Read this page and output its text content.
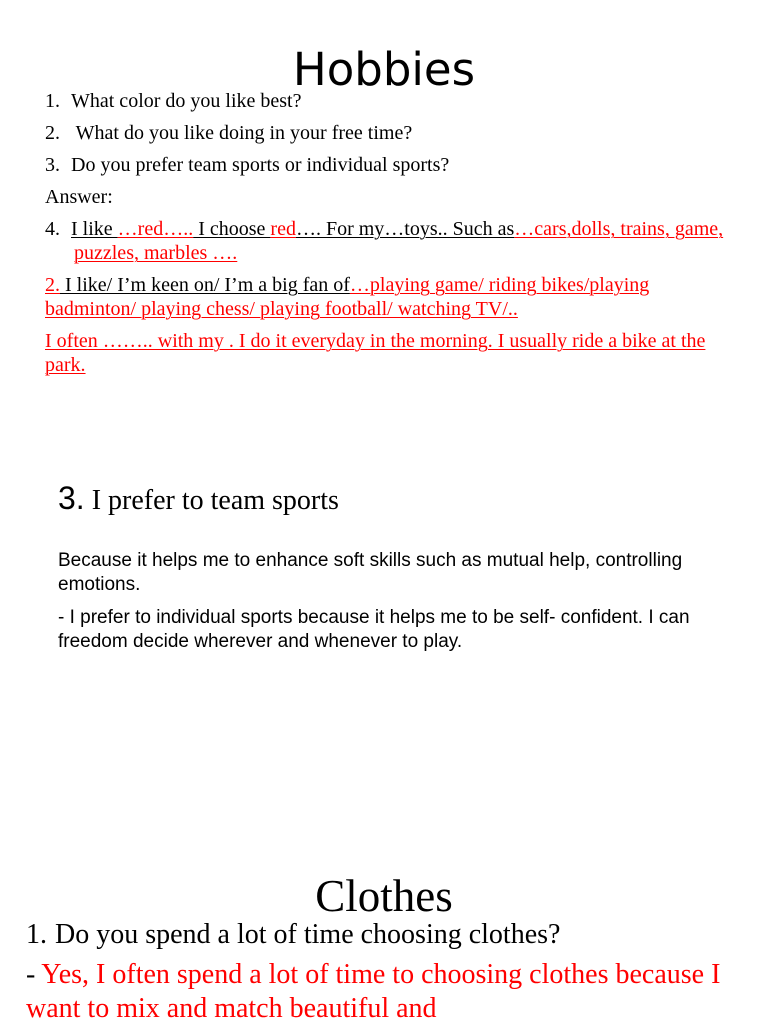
Hobbies
1. What color do you like best?
2. What do you like doing in your free time?
3. Do you prefer team sports or individual sports?
Answer:
4. I like …red….. I choose red…. For my…toys.. Such as…cars,dolls, trains, game, puzzles, marbles ….
2. I like/ I’m keen on/ I’m a big fan of…playing game/ riding bikes/playing badminton/ playing chess/ playing football/ watching TV/..
I often …….. with my . I do it everyday in the morning. I usually ride a bike at the park.
3. I prefer to team sports
Because it helps me to enhance soft skills such as mutual help, controlling emotions.
- I prefer to individual sports because it helps me to be self- confident. I can freedom decide wherever and whenever to play.
Clothes
1. Do you spend a lot of time choosing clothes?
- Yes, I often spend a lot of time to choosing clothes because I want to mix and match beautiful and
